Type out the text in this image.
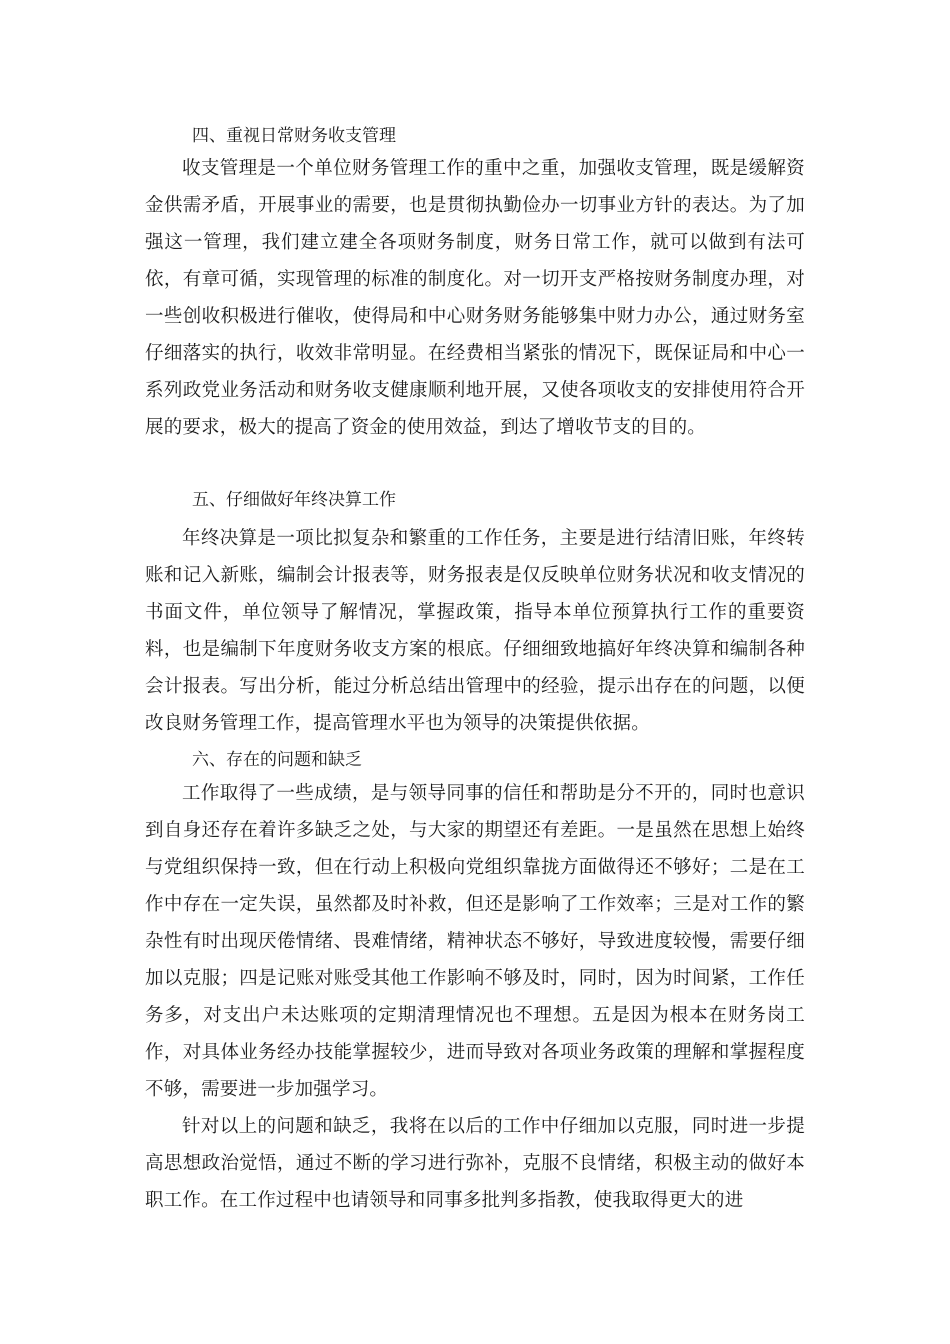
四、重视日常财务收支管理
收支管理是一个单位财务管理工作的重中之重，加强收支管理，既是缓解资金供需矛盾，开展事业的需要，也是贯彻执勤俭办一切事业方针的表达。为了加强这一管理，我们建立建全各项财务制度，财务日常工作，就可以做到有法可依，有章可循，实现管理的标准的制度化。对一切开支严格按财务制度办理，对一些创收积极进行催收，使得局和中心财务财务能够集中财力办公，通过财务室仔细落实的执行，收效非常明显。在经费相当紧张的情况下，既保证局和中心一系列政党业务活动和财务收支健康顺利地开展，又使各项收支的安排使用符合开展的要求，极大的提高了资金的使用效益，到达了增收节支的目的。
五、仔细做好年终决算工作
年终决算是一项比拟复杂和繁重的工作任务，主要是进行结清旧账，年终转账和记入新账，编制会计报表等，财务报表是仅反映单位财务状况和收支情况的书面文件，单位领导了解情况，掌握政策，指导本单位预算执行工作的重要资料，也是编制下年度财务收支方案的根底。仔细细致地搞好年终决算和编制各种会计报表。写出分析，能过分析总结出管理中的经验，提示出存在的问题，以便改良财务管理工作，提高管理水平也为领导的决策提供依据。
六、存在的问题和缺乏
工作取得了一些成绩，是与领导同事的信任和帮助是分不开的，同时也意识到自身还存在着许多缺乏之处，与大家的期望还有差距。一是虽然在思想上始终与党组织保持一致，但在行动上积极向党组织靠拢方面做得还不够好；二是在工作中存在一定失误，虽然都及时补救，但还是影响了工作效率；三是对工作的繁杂性有时出现厌倦情绪、畏难情绪，精神状态不够好，导致进度较慢，需要仔细加以克服；四是记账对账受其他工作影响不够及时，同时，因为时间紧，工作任务多，对支出户未达账项的定期清理情况也不理想。五是因为根本在财务岗工作，对具体业务经办技能掌握较少，进而导致对各项业务政策的理解和掌握程度不够，需要进一步加强学习。
针对以上的问题和缺乏，我将在以后的工作中仔细加以克服，同时进一步提高思想政治觉悟，通过不断的学习进行弥补，克服不良情绪，积极主动的做好本职工作。在工作过程中也请领导和同事多批判多指教，使我取得更大的进
